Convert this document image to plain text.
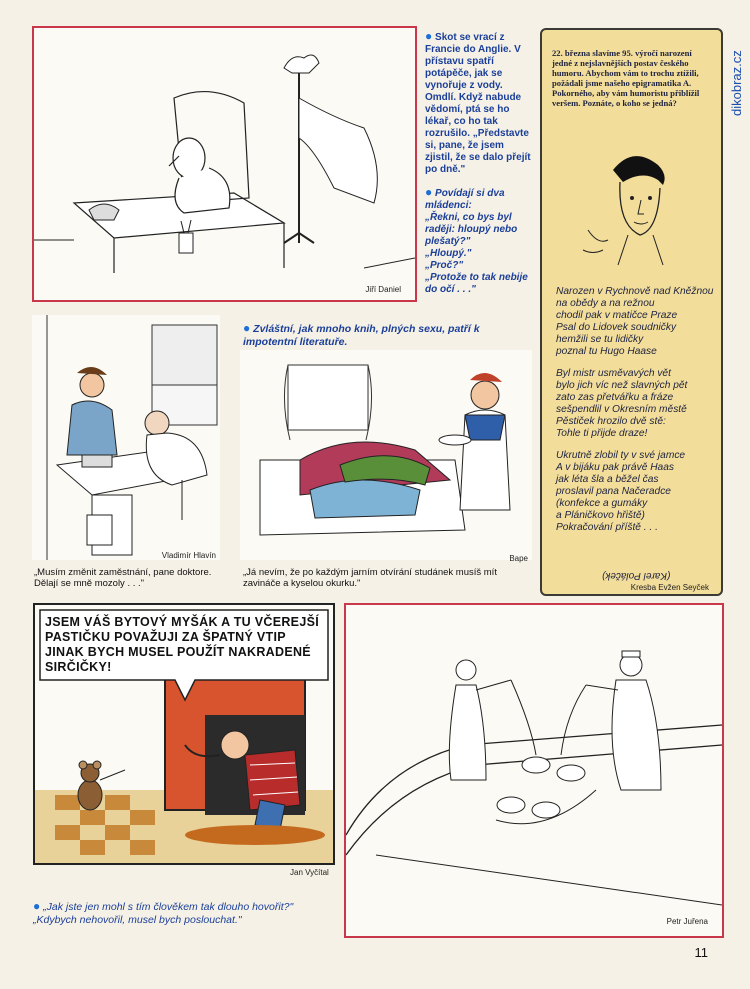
dikobraz.cz
Jiří Daniel

● Skot se vrací z Francie do Anglie. V přístavu spatří potápěče, jak se vynořuje z vody. Omdlí. Když nabude vědomí, ptá se ho lékař, co ho tak rozrušilo. „Představte si, pane, že jsem zjistil, že se dalo přejít po dně."

● Povídají si dva mládenci:
„Řekni, co bys byl raději: hloupý nebo plešatý?"
„Hloupý."
„Proč?"
„Protože to tak nebije do očí . . ."

22. března slavíme 95. výročí narození jedné z nejslavnějších postav českého humoru. Abychom vám to trochu ztížili, požádali jsme našeho epigramatika A. Pokorného, aby vám humoristu přiblížil veršem. Poznáte, o koho se jedná?
Narozen v Rychnově nad Kněžnou
na obědy a na režnou
chodil pak v matičce Praze
Psal do Lidovek soudničky
hemžili se tu lidičky
poznal tu Hugo Haase
Byl mistr usměvavých vět
bylo jich víc než slavných pět
zato zas přetvářku a fráze
sešpendlil v Okresním městě
Pěstiček hrozilo dvě stě:
Tohle ti přijde draze!
Ukrutně zlobil ty v své jamce
A v bijáku pak právě Haas
jak léta šla a běžel čas
proslavil pana Načeradce
(konfekce a gumáky
a Pláničkovo hřiště)
Pokračování příště . . .
(Karel Poláček)
Kresba Evžen Seyček
Vladimír Hlavín
„Musím změnit zaměstnání, pane doktore. Dělají se mně mozoly . . ."
● Zvláštní, jak mnoho knih, plných sexu, patří k impotentní literatuře.
Bape
„Já nevím, že po každým jarním otvírání studánek musíš mít zavináče a kyselou okurku."
JSEM VÁŠ BYTOVÝ MYŠÁK A TU VČEREJŠÍ PASTIČKU POVAŽUJI ZA ŠPATNÝ VTIP JINAK BYCH MUSEL POUŽÍT NAKRADENÉ SIRČIČKY!
Jan Vyčítal
● „Jak jste jen mohl s tím člověkem tak dlouho hovořit?"
„Kdybych nehovořil, musel bych poslouchat."	Petr Juřena
11
